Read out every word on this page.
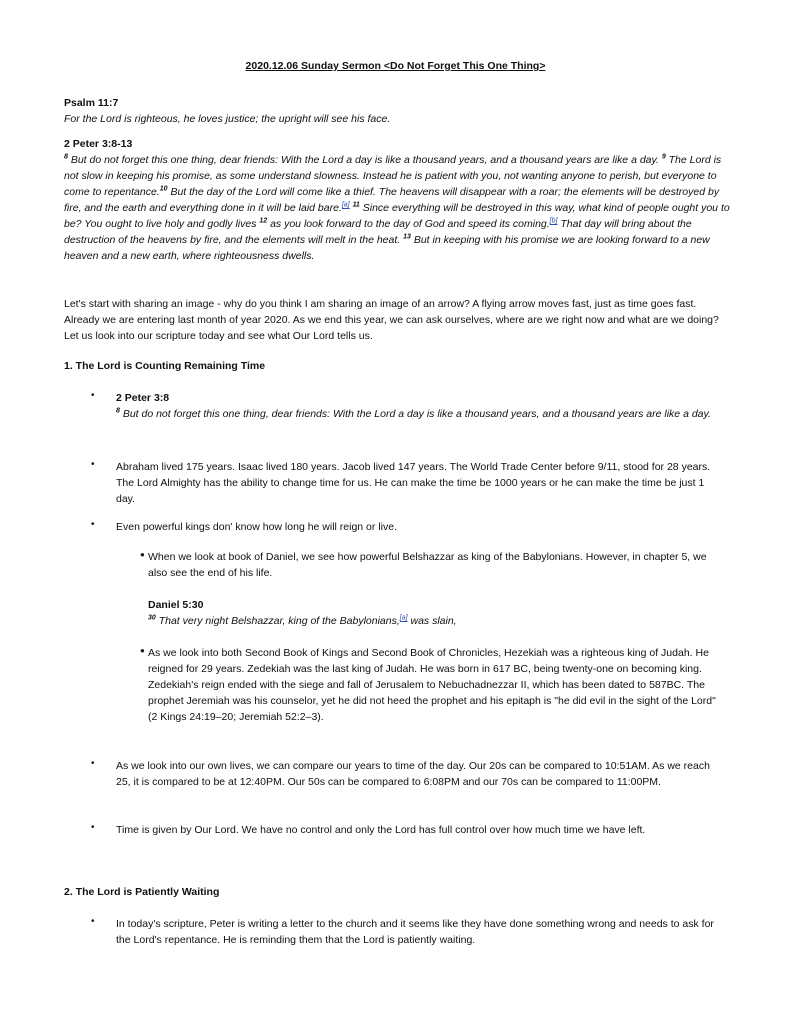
2020.12.06 Sunday Sermon <Do Not Forget This One Thing>
Psalm 11:7
For the Lord is righteous, he loves justice; the upright will see his face.
2 Peter 3:8-13
$^8$ But do not forget this one thing, dear friends: With the Lord a day is like a thousand years, and a thousand years are like a day. $^9$ The Lord is not slow in keeping his promise, as some understand slowness. Instead he is patient with you, not wanting anyone to perish, but everyone to come to repentance.$^{10}$ But the day of the Lord will come like a thief. The heavens will disappear with a roar; the elements will be destroyed by fire, and the earth and everything done in it will be laid bare.[a] $^{11}$ Since everything will be destroyed in this way, what kind of people ought you to be? You ought to live holy and godly lives $^{12}$ as you look forward to the day of God and speed its coming.[b] That day will bring about the destruction of the heavens by fire, and the elements will melt in the heat. $^{13}$ But in keeping with his promise we are looking forward to a new heaven and a new earth, where righteousness dwells.
Let's start with sharing an image - why do you think I am sharing an image of an arrow? A flying arrow moves fast, just as time goes fast. Already we are entering last month of year 2020. As we end this year, we can ask ourselves, where are we right now and what are we doing? Let us look into our scripture today and see what Our Lord tells us.
1. The Lord is Counting Remaining Time
•	2 Peter 3:8
$^8$ But do not forget this one thing, dear friends: With the Lord a day is like a thousand years, and a thousand years are like a day.
•	Abraham lived 175 years. Isaac lived 180 years. Jacob lived 147 years. The World Trade Center before 9/11, stood for 28 years. The Lord Almighty has the ability to change time for us. He can make the time be 1000 years or he can make the time be just 1 day.
•	Even powerful kings don' know how long he will reign or live.
● When we look at book of Daniel, we see how powerful Belshazzar as king of the Babylonians. However, in chapter 5, we also see the end of his life.
Daniel 5:30
$^{30}$ That very night Belshazzar, king of the Babylonians,[a] was slain,
● As we look into both Second Book of Kings and Second Book of Chronicles, Hezekiah was a righteous king of Judah. He reigned for 29 years. Zedekiah was the last king of Judah. He was born in 617 BC, being twenty-one on becoming king. Zedekiah's reign ended with the siege and fall of Jerusalem to Nebuchadnezzar II, which has been dated to 587BC. The prophet Jeremiah was his counselor, yet he did not heed the prophet and his epitaph is "he did evil in the sight of the Lord" (2 Kings 24:19–20; Jeremiah 52:2–3).
•	As we look into our own lives, we can compare our years to time of the day. Our 20s can be compared to 10:51AM. As we reach 25, it is compared to be at 12:40PM. Our 50s can be compared to 6:08PM and our 70s can be compared to 11:00PM.
•	Time is given by Our Lord. We have no control and only the Lord has full control over how much time we have left.
2. The Lord is Patiently Waiting
•	In today's scripture, Peter is writing a letter to the church and it seems like they have done something wrong and needs to ask for the Lord's repentance. He is reminding them that the Lord is patiently waiting.
